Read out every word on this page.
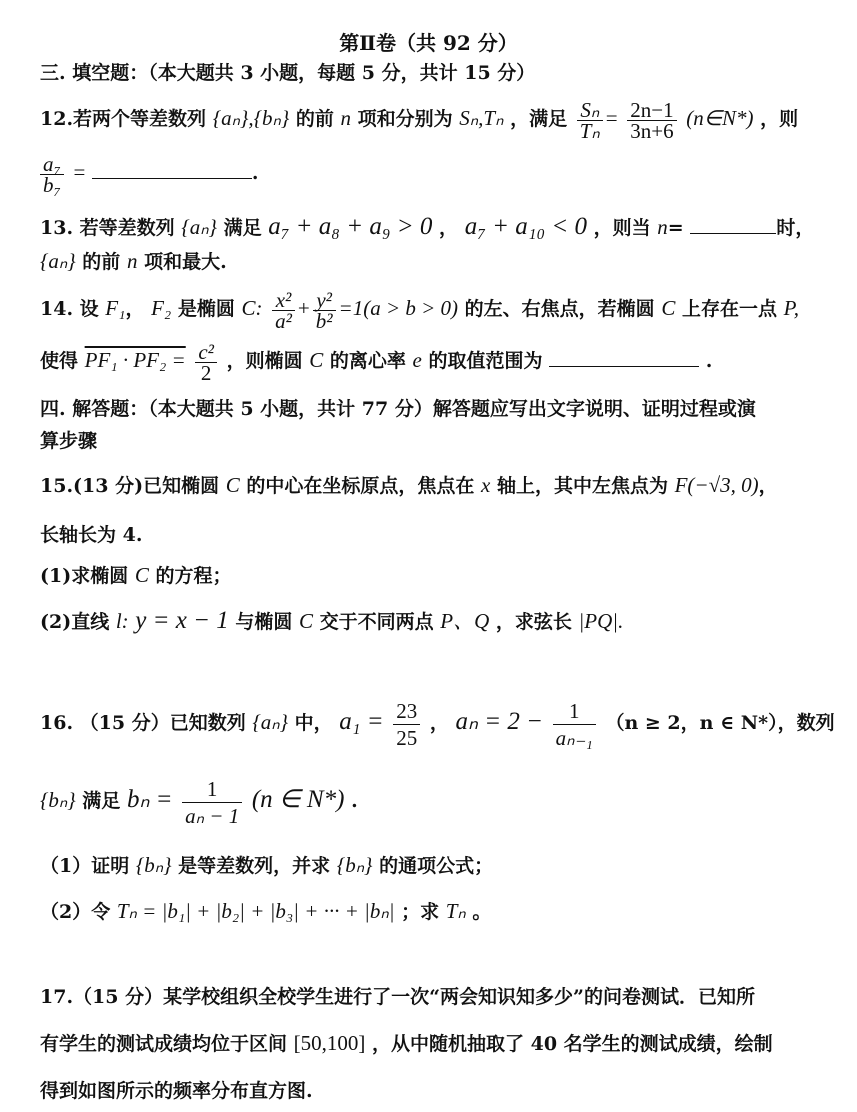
第Ⅱ卷（共 92 分）
三. 填空题：（本大题共 3 小题，每题 5 分，共计 15 分）
12.若两个等差数列 {aₙ},{bₙ} 的前 n 项和分别为 Sₙ,Tₙ ，满足 $\frac{\text{Sₙ}}{\text{Tₙ}} = \frac{2n-1}{3n+6}$ (n∈N*) ，则
$\frac{\text{a₇}}{\text{b₇}}$ =	.
13. 若等差数列 {aₙ} 满足 a₇ + a₈ + a₉ > 0 ， a₇ + a₁₀ < 0 ，则当 n=	时，
{aₙ} 的前 n 项和最大.
14. 设 F₁， F₂ 是椭圆 C: $\frac{\text{x²}}{\text{a²}} + \frac{\text{y²}}{\text{b²}} =1(a > b > 0)$ 的左、右焦点，若椭圆 C 上存在一点 P,
使得 $PF_1 \cdot PF_2 = \frac{\text{c²}}{2}$ ，则椭圆 C 的离心率 e 的取值范围为	.
四. 解答题：（本大题共 5 小题，共计 77 分）解答题应写出文字说明、证明过程或演
算步骤
15.(13 分)已知椭圆 C 的中心在坐标原点，焦点在 x 轴上，其中左焦点为 F(−√3, 0)，
长轴长为 4.
(1)求椭圆 C 的方程；
(2)直线 l: y = x − 1 与椭圆 C 交于不同两点 P、Q ，求弦长 |PQ|.
16. （15 分）已知数列 {aₙ} 中， $a_1 = \frac{23}{25}$ ， $a_n = 2 - \frac{1}{\text{aₙ₋₁}} (n \ge 2$，n ∈ N*），数列
{bₙ} 满足 $b_n = \frac{1}{\text{aₙ − 1}} (n$ ∈ N*) .
（1）证明 {bₙ} 是等差数列，并求 {bₙ} 的通项公式；
（2）令 Tₙ = |b₁| + |b₂| + |b₃| + ··· + |bₙ| ；求 Tₙ 。
17.（15 分）某学校组织全校学生进行了一次“两会知识知多少”的问卷测试．已知所
有学生的测试成绩均位于区间 [50,100] ，从中随机抽取了 40 名学生的测试成绩，绘制
得到如图所示的频率分布直方图.
